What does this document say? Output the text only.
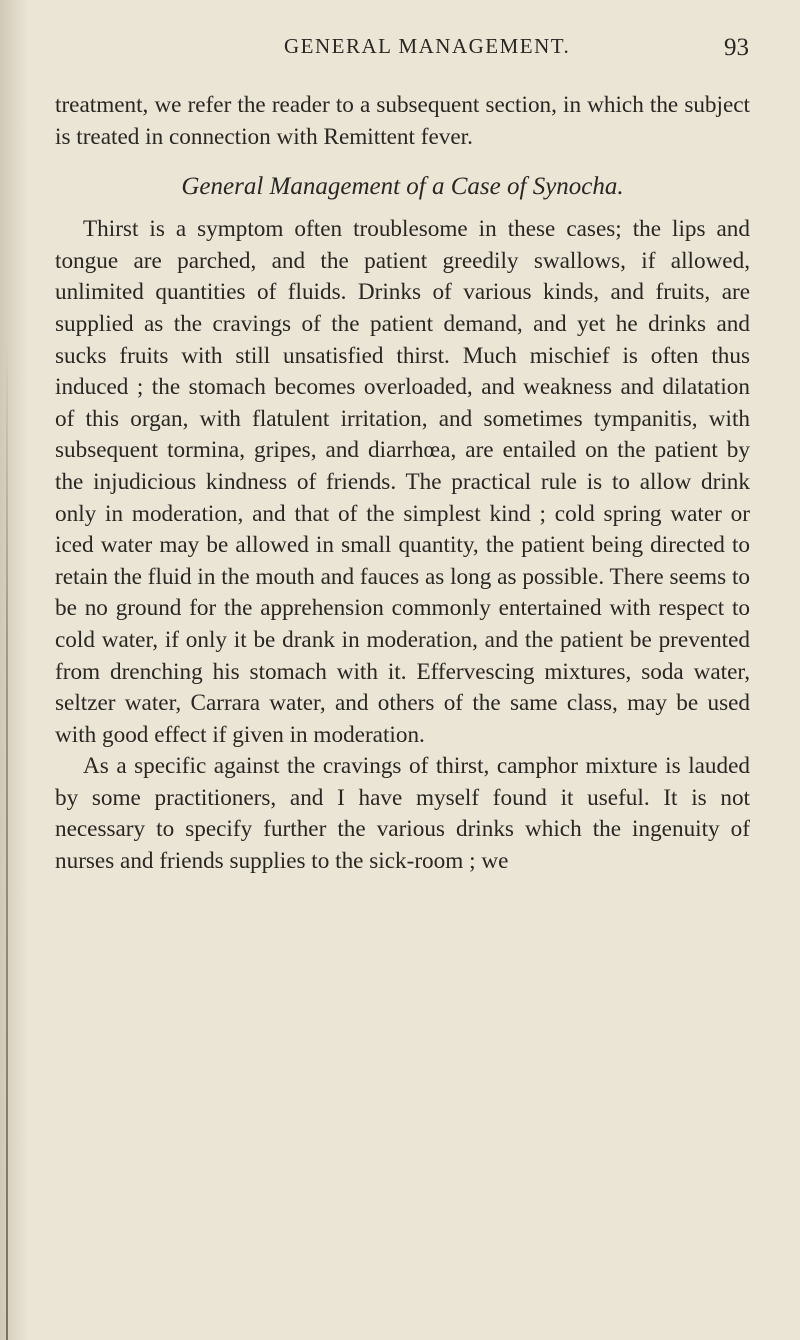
GENERAL MANAGEMENT.	93

treatment, we refer the reader to a subsequent section, in which the subject is treated in connection with Remittent fever.

General Management of a Case of Synocha.

Thirst is a symptom often troublesome in these cases; the lips and tongue are parched, and the patient greedily swallows, if allowed, unlimited quantities of fluids. Drinks of various kinds, and fruits, are supplied as the cravings of the patient demand, and yet he drinks and sucks fruits with still unsatisfied thirst. Much mischief is often thus induced ; the stomach becomes overloaded, and weakness and dilatation of this organ, with flatulent irritation, and sometimes tympanitis, with subsequent tormina, gripes, and diarrhœa, are entailed on the patient by the injudicious kindness of friends. The practical rule is to allow drink only in moderation, and that of the simplest kind ; cold spring water or iced water may be allowed in small quantity, the patient being directed to retain the fluid in the mouth and fauces as long as possible. There seems to be no ground for the apprehension commonly entertained with respect to cold water, if only it be drank in moderation, and the patient be prevented from drenching his stomach with it. Effervescing mixtures, soda water, seltzer water, Carrara water, and others of the same class, may be used with good effect if given in moderation.

As a specific against the cravings of thirst, camphor mixture is lauded by some practitioners, and I have myself found it useful. It is not necessary to specify further the various drinks which the ingenuity of nurses and friends supplies to the sick-room ; we
